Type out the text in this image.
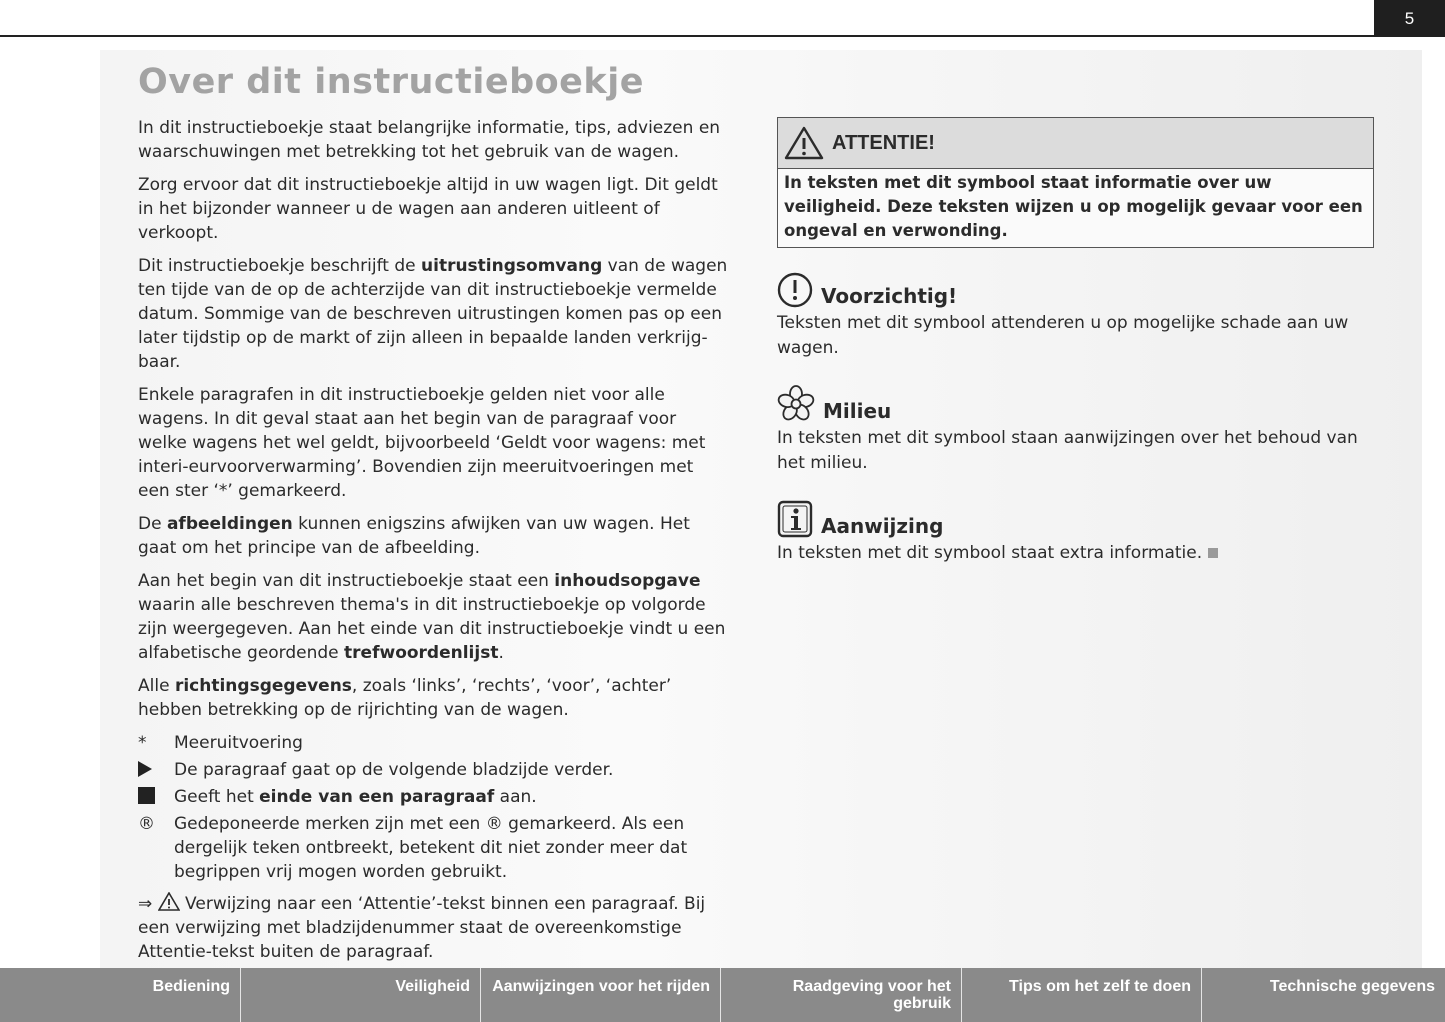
5
Over dit instructieboekje

In dit instructieboekje staat belangrijke informatie, tips, adviezen en waarschuwingen met betrekking tot het gebruik van de wagen.

Zorg ervoor dat dit instructieboekje altijd in uw wagen ligt. Dit geldt in het bijzonder wanneer u de wagen aan anderen uitleent of verkoopt.

Dit instructieboekje beschrijft de uitrustingsomvang van de wagen ten tijde van de op de achterzijde van dit instructieboekje vermelde datum. Sommige van de beschreven uitrustingen komen pas op een later tijdstip op de markt of zijn alleen in bepaalde landen verkrijg-baar.

Enkele paragrafen in dit instructieboekje gelden niet voor alle wagens. In dit geval staat aan het begin van de paragraaf voor welke wagens het wel geldt, bijvoorbeeld ‘Geldt voor wagens: met interi-eurvoorverwarming’. Bovendien zijn meeruitvoeringen met een ster ‘*’ gemarkeerd.

De afbeeldingen kunnen enigszins afwijken van uw wagen. Het gaat om het principe van de afbeelding.

Aan het begin van dit instructieboekje staat een inhoudsopgave waarin alle beschreven thema's in dit instructieboekje op volgorde zijn weergegeven. Aan het einde van dit instructieboekje vindt u een alfabetische geordende trefwoordenlijst.

Alle richtingsgegevens, zoals ‘links’, ‘rechts’, ‘voor’, ‘achter’ hebben betrekking op de rijrichting van de wagen.

*	Meeruitvoering
De paragraaf gaat op de volgende bladzijde verder.
Geeft het einde van een paragraaf aan.
®	Gedeponeerde merken zijn met een ® gemarkeerd. Als een dergelijk teken ontbreekt, betekent dit niet zonder meer dat begrippen vrij mogen worden gebruikt.
⇒  Verwijzing naar een ‘Attentie’-tekst binnen een paragraaf. Bij een verwijzing met bladzijdenummer staat de overeenkomstige Attentie-tekst buiten de paragraaf.
ATTENTIE!
In teksten met dit symbool staat informatie over uw veiligheid. Deze teksten wijzen u op mogelijk gevaar voor een ongeval en verwonding.
Voorzichtig!
Teksten met dit symbool attenderen u op mogelijke schade aan uw wagen.
Milieu
In teksten met dit symbool staan aanwijzingen over het behoud van het milieu.
Aanwijzing
In teksten met dit symbool staat extra informatie.
Bediening	Veiligheid	Aanwijzingen voor het rijden	Raadgeving voor het gebruik
Tips om het zelf te doen	Technische gegevens
